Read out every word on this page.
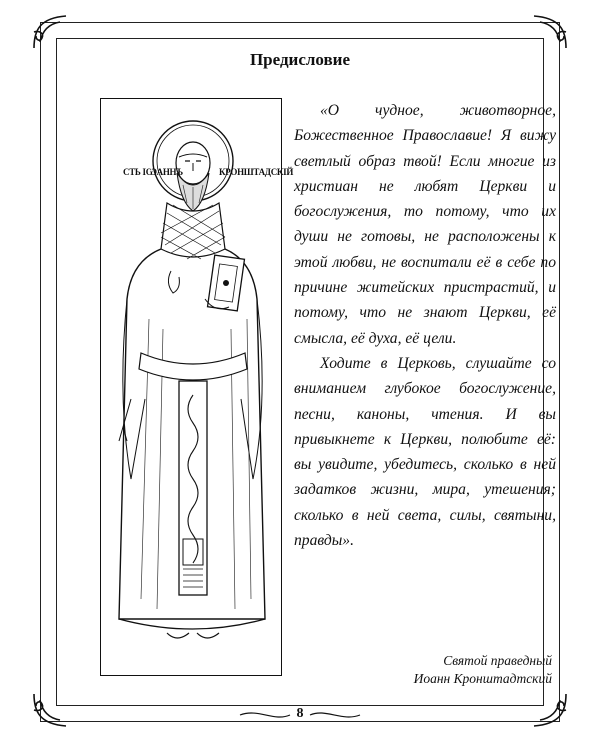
Предисловие
СТЬ ІѠАННЪ	КРОНШТАДСКІЙ

«О чудное, животворное, Божественное Православие! Я вижу светлый образ твой! Если многие из христиан не любят Церкви и богослужения, то потому, что их души не готовы, не расположены к этой любви, не воспитали её в себе по причине житейских пристрастий, и потому, что не знают Церкви, её смысла, её духа, её цели.

Ходите в Церковь, слушайте со вниманием глубокое богослужение, песни, каноны, чтения. И вы привыкнете к Церкви, полюбите её: вы увидите, убедитесь, сколько в ней задатков жизни, мира, утешения; сколько в ней света, силы, святыни, правды».

Святой праведный
Иоанн Кронштадтский
8
